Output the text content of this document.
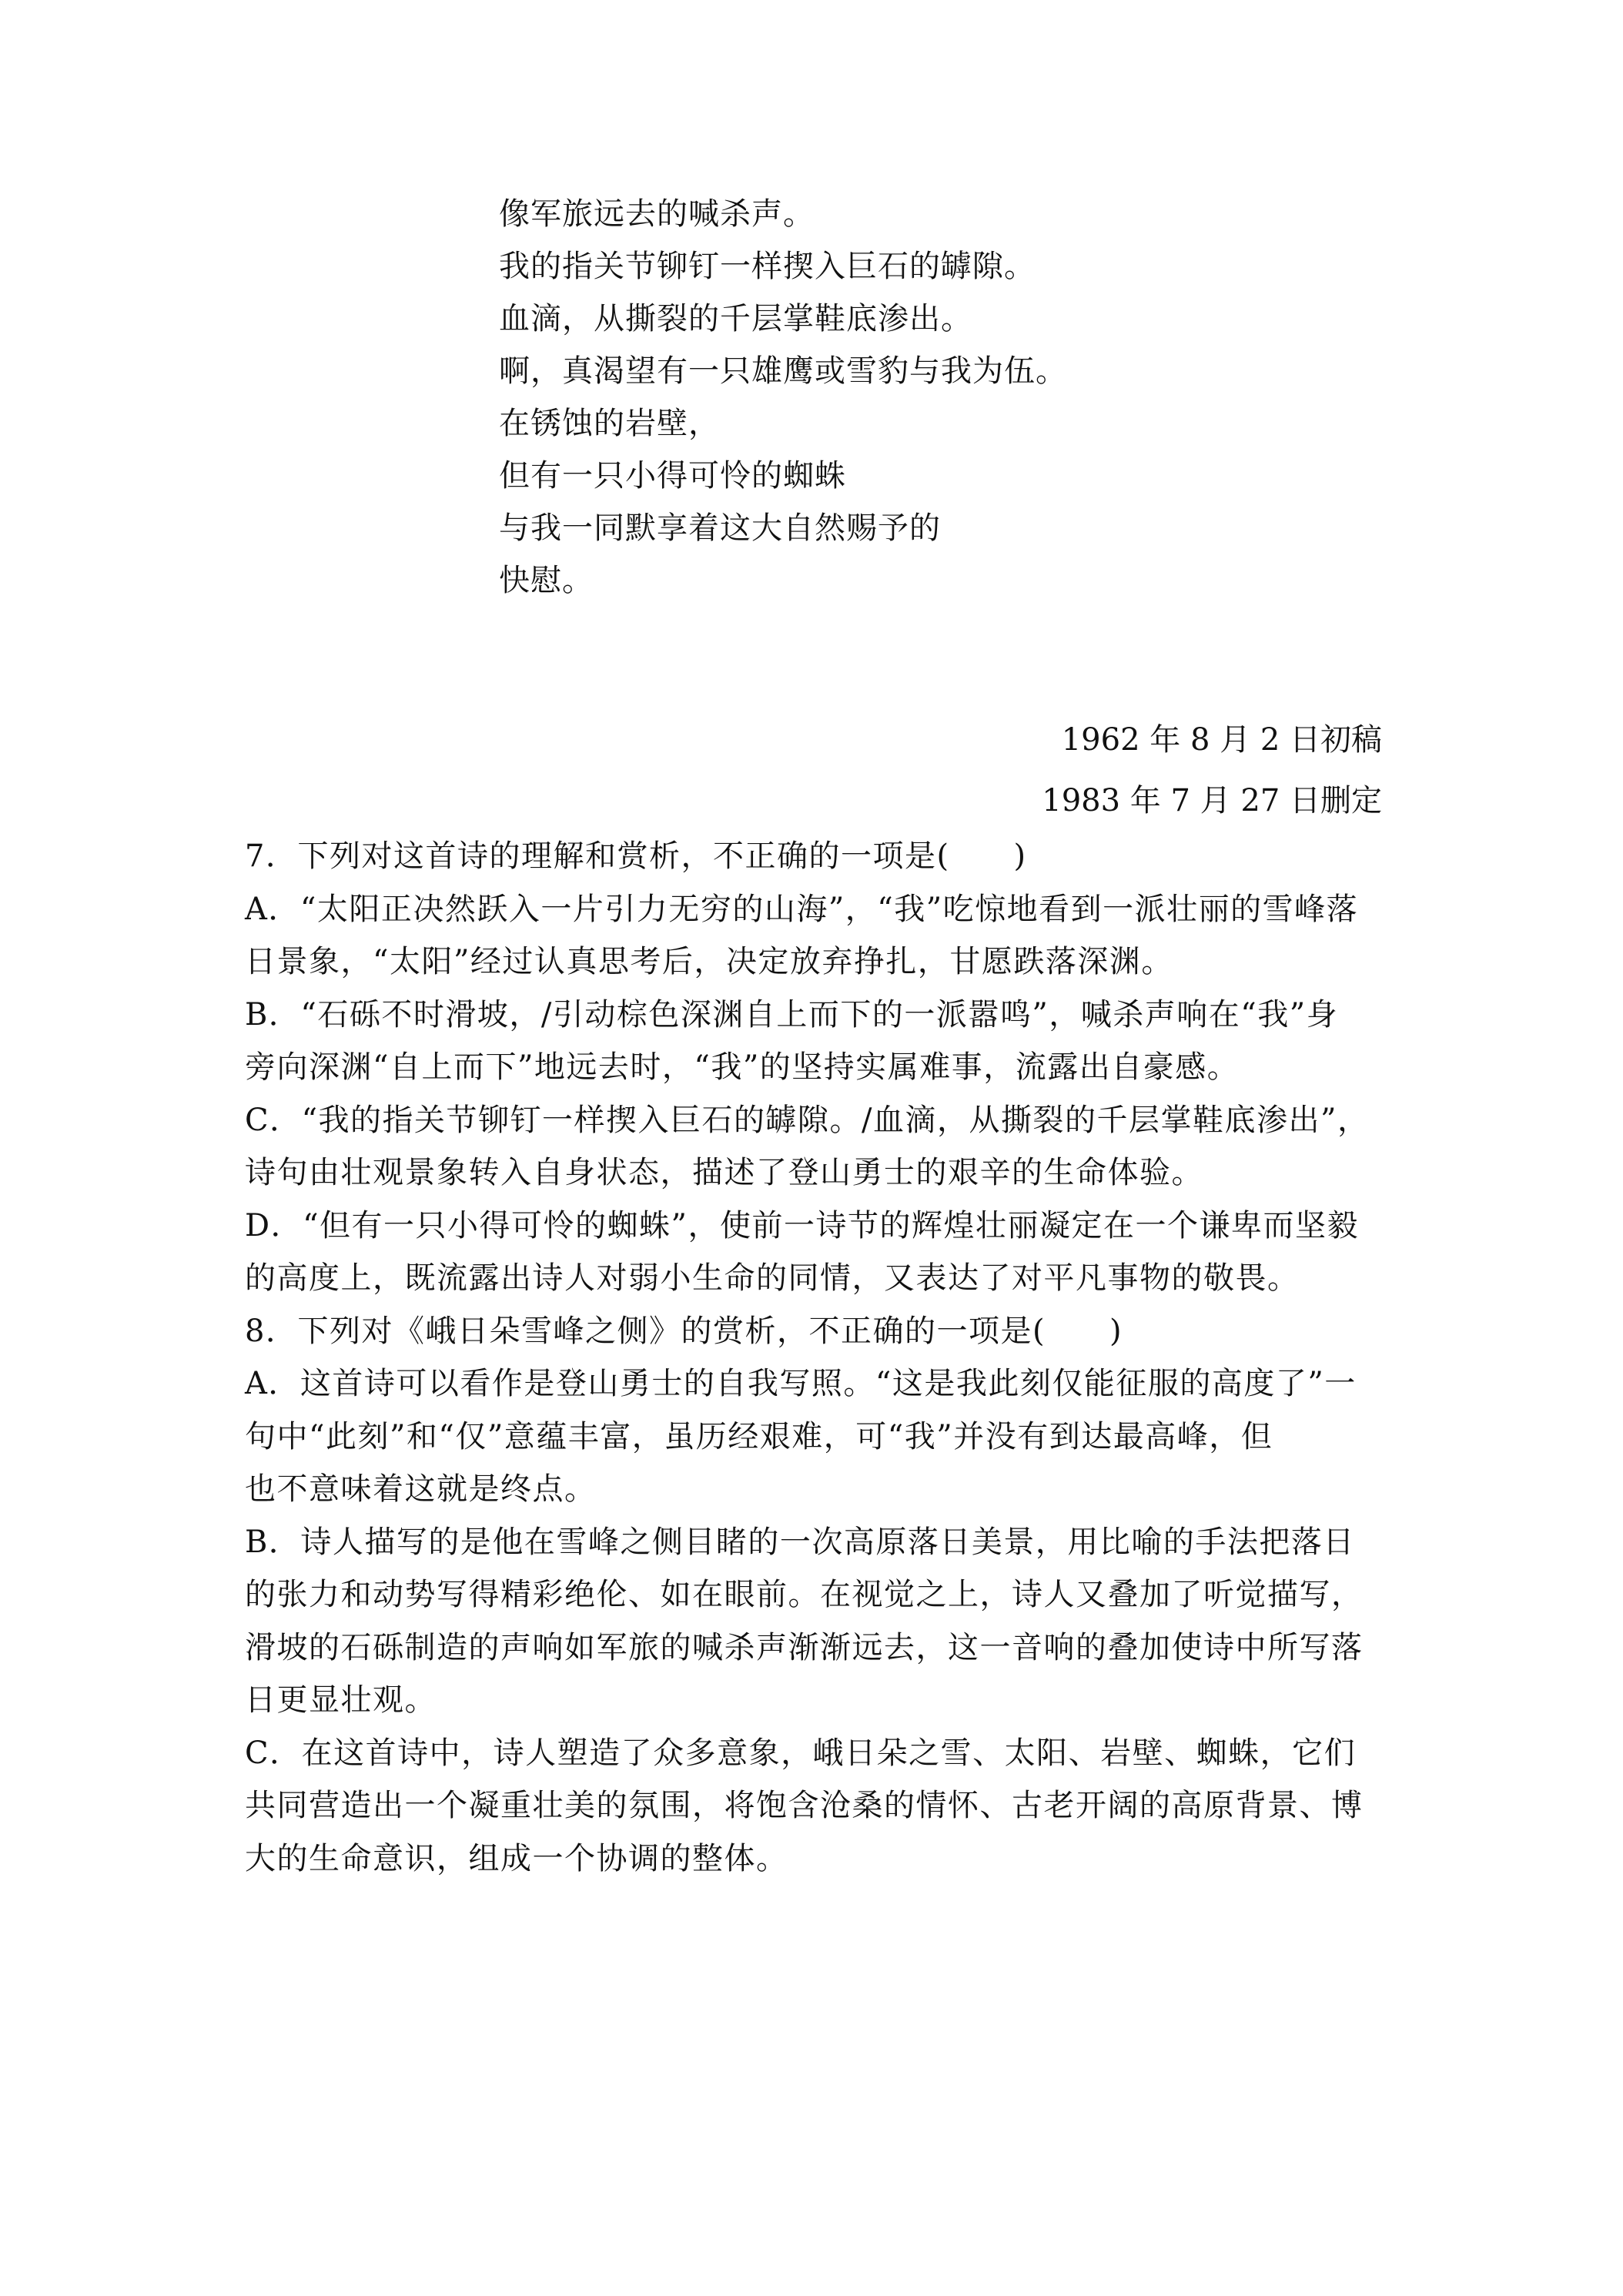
像军旅远去的喊杀声。
我的指关节铆钉一样揳入巨石的罅隙。
血滴，从撕裂的千层掌鞋底渗出。
啊，真渴望有一只雄鹰或雪豹与我为伍。
在锈蚀的岩壁，
但有一只小得可怜的蜘蛛
与我一同默享着这大自然赐予的
快慰。
1962 年 8 月 2 日初稿
1983 年 7 月 27 日删定
7．下列对这首诗的理解和赏析，不正确的一项是(　　)
A．“太阳正决然跃入一片引力无穷的山海”，“我”吃惊地看到一派壮丽的雪峰落
日景象，“太阳”经过认真思考后，决定放弃挣扎，甘愿跌落深渊。
B．“石砾不时滑坡，/引动棕色深渊自上而下的一派嚣鸣”，喊杀声响在“我”身
旁向深渊“自上而下”地远去时，“我”的坚持实属难事，流露出自豪感。
C．“我的指关节铆钉一样揳入巨石的罅隙。/血滴，从撕裂的千层掌鞋底渗出”，
诗句由壮观景象转入自身状态，描述了登山勇士的艰辛的生命体验。
D．“但有一只小得可怜的蜘蛛”，使前一诗节的辉煌壮丽凝定在一个谦卑而坚毅
的高度上，既流露出诗人对弱小生命的同情，又表达了对平凡事物的敬畏。
8．下列对《峨日朵雪峰之侧》的赏析，不正确的一项是(　　)
A．这首诗可以看作是登山勇士的自我写照。“这是我此刻仅能征服的高度了”一
句中“此刻”和“仅”意蕴丰富，虽历经艰难，可“我”并没有到达最高峰，但
也不意味着这就是终点。
B．诗人描写的是他在雪峰之侧目睹的一次高原落日美景，用比喻的手法把落日
的张力和动势写得精彩绝伦、如在眼前。在视觉之上，诗人又叠加了听觉描写，
滑坡的石砾制造的声响如军旅的喊杀声渐渐远去，这一音响的叠加使诗中所写落
日更显壮观。
C．在这首诗中，诗人塑造了众多意象，峨日朵之雪、太阳、岩壁、蜘蛛，它们
共同营造出一个凝重壮美的氛围，将饱含沧桑的情怀、古老开阔的高原背景、博
大的生命意识，组成一个协调的整体。
